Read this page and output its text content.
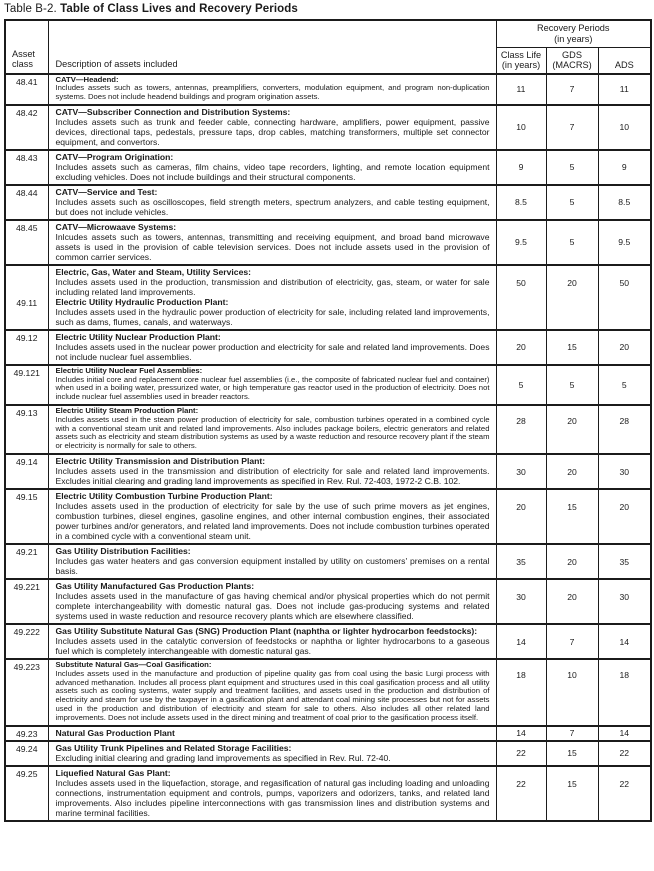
Table B-2. Table of Class Lives and Recovery Periods
Asset
class	Description of assets included	
Recovery Periods
(in years)

Class Life
(in years)

GDS
(MACRS)	ADS

48.41	CATV—Headend:
Includes assets such as towers, antennas, preamplifiers, converters, modulation equipment, and program non-duplication systems. Does not include headend buildings and program origination assets.	11	7	11

48.42	CATV—Subscriber Connection and Distribution Systems:
Includes assets such as trunk and feeder cable, connecting hardware, amplifiers, power equipment, passive devices, directional taps, pedestals, pressure taps, drop cables, matching transformers, multiple set connector equipment, and convertors.	10	7	10

48.43	CATV—Program Origination:
Includes assets such as cameras, film chains, video tape recorders, lighting, and remote location equipment excluding vehicles. Does not include buildings and their structural components.	9	5	9

48.44	CATV—Service and Test:
Includes assets such as oscilloscopes, field strength meters, spectrum analyzers, and cable testing equipment, but does not include vehicles.	8.5	5	8.5

48.45	CATV—Microwaave Systems:
Inlcudes assets such as towers, antennas, transmitting and receiving equipment, and broad band microwave assets is used in the provision of cable television services. Does not include assets used in the provision of common carrier services.	9.5	5	9.5

49.11	Electric, Gas, Water and Steam, Utility Services:
Includes assets used in the production, transmission and distribution of electricity, gas, steam, or water for sale including related land improvements.
Electric Utility Hydraulic Production Plant:
Includes assets used in the hydraulic power production of electricity for sale, including related land improvements, such as dams, flumes, canals, and waterways.	50	20	50

49.12	Electric Utility Nuclear Production Plant:
Includes assets used in the nuclear power production and electricity for sale and related land improvements. Does not include nuclear fuel assemblies.	20	15	20

49.121	Electric Utility Nuclear Fuel Assemblies:
Includes initial core and replacement core nuclear fuel assemblies (i.e., the composite of fabricated nuclear fuel and container) when used in a boiling water, pressurized water, or high temperature gas reactor used in the production of electricity. Does not include nuclear fuel assemblies used in breader reactors.	5	5	5

49.13	Electric Utility Steam Production Plant:
Includes assets used in the steam power production of electricity for sale, combustion turbines operated in a combined cycle with a conventional steam unit and related land improvements. Also includes package boilers, electric generators and related assets such as electricity and steam distribution systems as used by a waste reduction and resource recovery plant if the steam or electricity is normally for sale to others.	28	20	28

49.14	Electric Utility Transmission and Distribution Plant:
Includes assets used in the transmission and distribution of electricity for sale and related land improvements. Excludes initial clearing and grading land improvements as specified in Rev. Rul. 72-403, 1972-2 C.B. 102.	30	20	30

49.15	Electric Utility Combustion Turbine Production Plant:
Includes assets used in the production of electricity for sale by the use of such prime movers as jet engines, combustion turbines, diesel engines, gasoline engines, and other internal combustion engines, their associated power turbines and/or generators, and related land improvements. Does not include combustion turbines operated in a combined cycle with a conventional steam unit.	20	15	20

49.21	Gas Utility Distribution Facilities:
Includes gas water heaters and gas conversion equipment installed by utility on customers' premises on a rental basis.	35	20	35

49.221	Gas Utility Manufactured Gas Production Plants:
Includes assets used in the manufacture of gas having chemical and/or physical properties which do not permit complete interchangeability with domestic natural gas. Does not include gas-producing systems and related systems used in waste reduction and resource recovery plants which are elsewhere classified.	30	20	30

49.222	Gas Utility Substitute Natural Gas (SNG) Production Plant (naphtha or lighter hydrocarbon feedstocks):
Includes assets used in the catalytic conversion of feedstocks or naphtha or lighter hydrocarbons to a gaseous fuel which is completely interchangeable with domestic natural gas.	14	7	14

49.223	Substitute Natural Gas—Coal Gasification:
Includes assets used in the manufacture and production of pipeline quality gas from coal using the basic Lurgi process with advanced methanation. Includes all process plant equipment and structures used in this coal gasification process and all utility assets such as cooling systems, water supply and treatment facilities, and assets used in the production and distribution of electricity and steam for use by the taxpayer in a gasification plant and attendant coal mining site processes but not for assets used in the production and distribution of electricity and steam for sale to others. Also includes all other related land improvements. Does not include assets used in the direct mining and treatment of coal prior to the gasification process itself.	18	10	18

49.23	Natural Gas Production Plant	14	7	14

49.24	Gas Utility Trunk Pipelines and Related Storage Facilities:
Excluding initial clearing and grading land improvements as specified in Rev. Rul. 72-40.	22	15	22

49.25	Liquefied Natural Gas Plant:
Includes assets used in the liquefaction, storage, and regasification of natural gas including loading and unloading connections, instrumentation equipment and controls, pumps, vaporizers and odorizers, tanks, and related land improvements. Also includes pipeline interconnections with gas transmission lines and distribution systems and marine terminal facilities.	22	15	22
